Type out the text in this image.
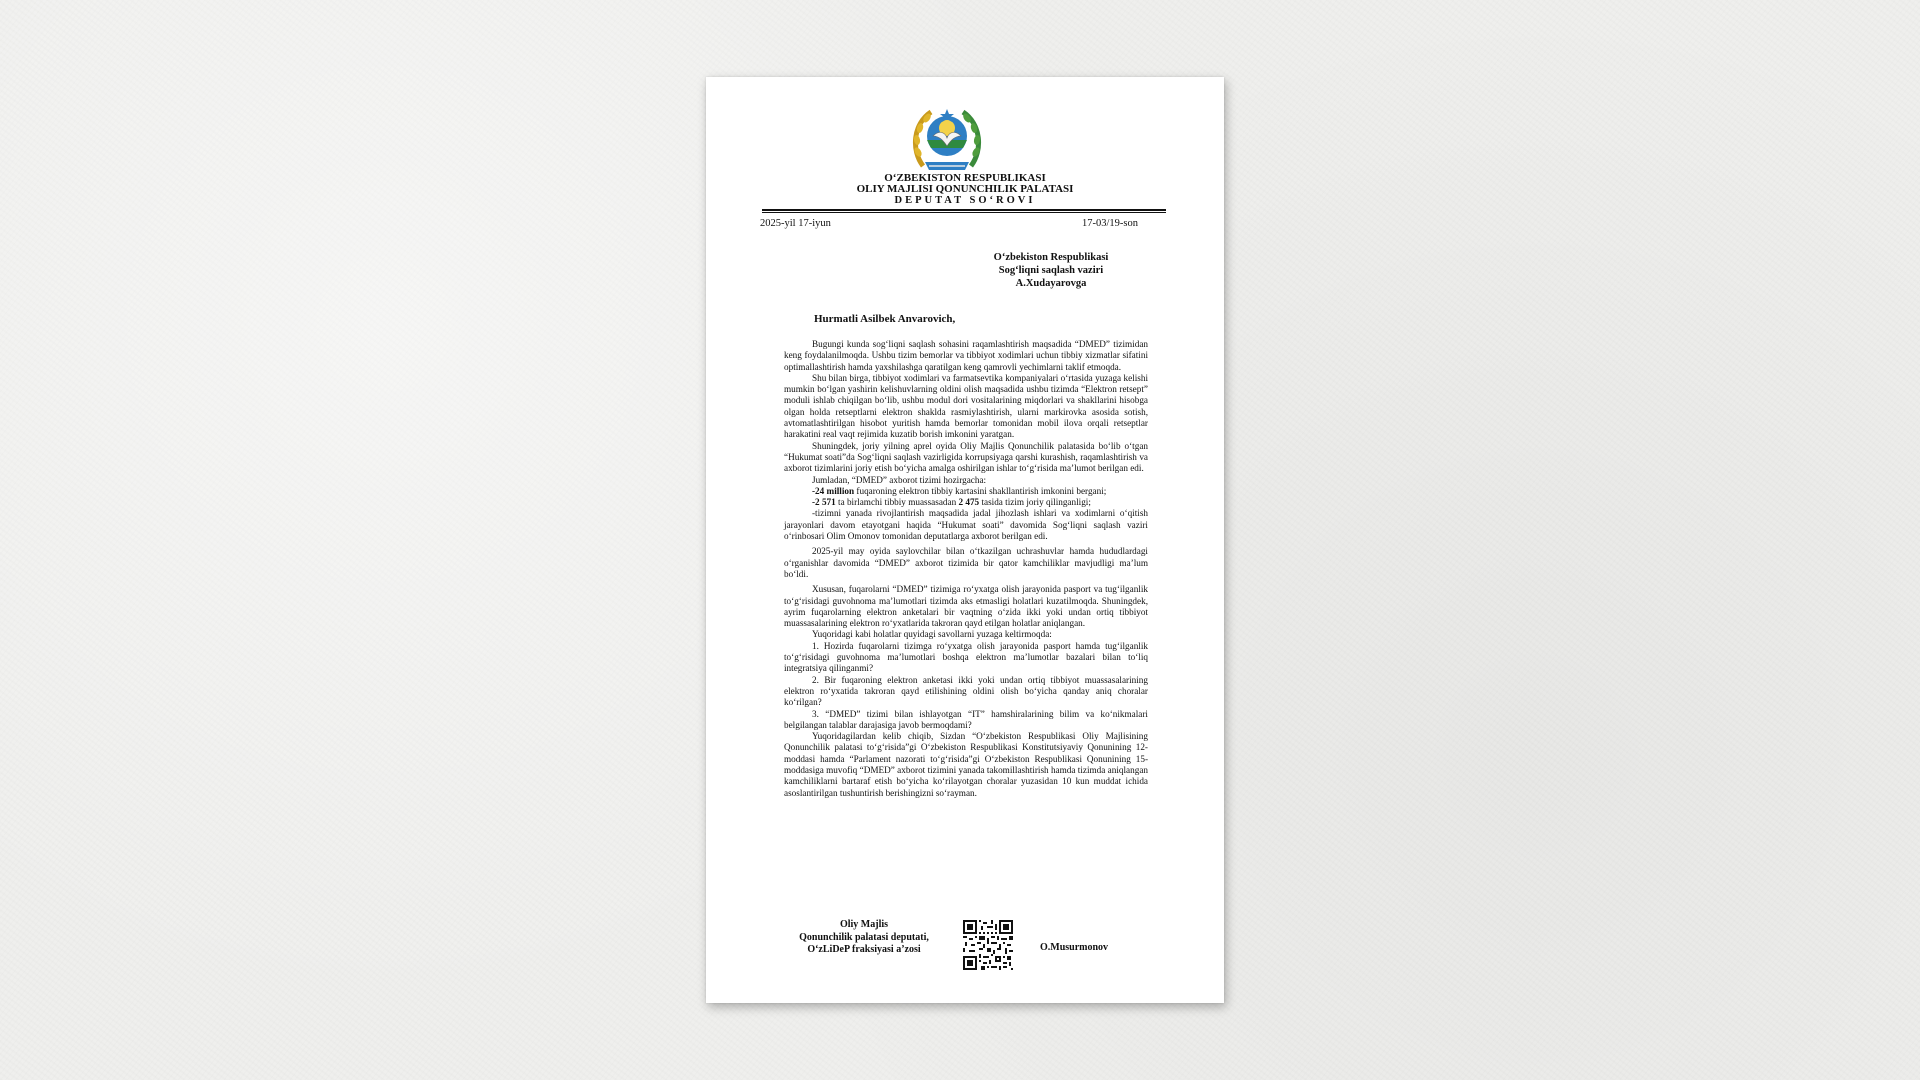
O‘ZBEKISTON RESPUBLIKASI
OLIY MAJLISI QONUNCHILIK PALATASI
DEPUTAT SO‘ROVI
2025-yil 17-iyun	17-03/19-son
O‘zbekiston Respublikasi
Sog‘liqni saqlash vaziri
A.Xudayarovga
Hurmatli Asilbek Anvarovich,

Bugungi kunda sog‘liqni saqlash sohasini raqamlashtirish maqsadida “DMED” tizimidan keng foydalanilmoqda. Ushbu tizim bemorlar va tibbiyot xodimlari uchun tibbiy xizmatlar sifatini optimallashtirish hamda yaxshilashga qaratilgan keng qamrovli yechimlarni taklif etmoqda.

Shu bilan birga, tibbiyot xodimlari va farmatsevtika kompaniyalari o‘rtasida yuzaga kelishi mumkin bo‘lgan yashirin kelishuvlarning oldini olish maqsadida ushbu tizimda “Elektron retsept” moduli ishlab chiqilgan bo‘lib, ushbu modul dori vositalarining miqdorlari va shakllarini hisobga olgan holda retseptlarni elektron shaklda rasmiylashtirish, ularni markirovka asosida sotish, avtomatlashtirilgan hisobot yuritish hamda bemorlar tomonidan mobil ilova orqali retseptlar harakatini real vaqt rejimida kuzatib borish imkonini yaratgan.

Shuningdek, joriy yilning aprel oyida Oliy Majlis Qonunchilik palatasida bo‘lib o‘tgan “Hukumat soati”da Sog‘liqni saqlash vazirligida korrupsiyaga qarshi kurashish, raqamlashtirish va axborot tizimlarini joriy etish bo‘yicha amalga oshirilgan ishlar to‘g‘risida ma’lumot berilgan edi.

Jumladan, “DMED” axborot tizimi hozirgacha:

-24 million fuqaroning elektron tibbiy kartasini shakllantirish imkonini bergani;

-2 571 ta birlamchi tibbiy muassasadan 2 475 tasida tizim joriy qilinganligi;

-tizimni yanada rivojlantirish maqsadida jadal jihozlash ishlari va xodimlarni o‘qitish jarayonlari davom etayotgani haqida “Hukumat soati” davomida Sog‘liqni saqlash vaziri o‘rinbosari Olim Omonov tomonidan deputatlarga axborot berilgan edi.

2025-yil may oyida saylovchilar bilan o‘tkazilgan uchrashuvlar hamda hududlardagi o‘rganishlar davomida “DMED” axborot tizimida bir qator kamchiliklar mavjudligi ma’lum bo‘ldi.

Xususan, fuqarolarni “DMED” tizimiga ro‘yxatga olish jarayonida pasport va tug‘ilganlik to‘g‘risidagi guvohnoma ma’lumotlari tizimda aks etmasligi holatlari kuzatilmoqda. Shuningdek, ayrim fuqarolarning elektron anketalari bir vaqtning o‘zida ikki yoki undan ortiq tibbiyot muassasalarining elektron ro‘yxatlarida takroran qayd etilgan holatlar aniqlangan.

Yuqoridagi kabi holatlar quyidagi savollarni yuzaga keltirmoqda:

1. Hozirda fuqarolarni tizimga ro‘yxatga olish jarayonida pasport hamda tug‘ilganlik to‘g‘risidagi guvohnoma ma’lumotlari boshqa elektron ma’lumotlar bazalari bilan to‘liq integratsiya qilinganmi?

2. Bir fuqaroning elektron anketasi ikki yoki undan ortiq tibbiyot muassasalarining elektron ro‘yxatida takroran qayd etilishining oldini olish bo‘yicha qanday aniq choralar ko‘rilgan?

3. “DMED” tizimi bilan ishlayotgan “IT” hamshiralarining bilim va ko‘nikmalari belgilangan talablar darajasiga javob bermoqdami?

Yuqoridagilardan kelib chiqib, Sizdan “O‘zbekiston Respublikasi Oliy Majlisining Qonunchilik palatasi to‘g‘risida”gi O‘zbekiston Respublikasi Konstitutsiyaviy Qonunining 12-moddasi hamda “Parlament nazorati to‘g‘risida”gi O‘zbekiston Respublikasi Qonunining 15-moddasiga muvofiq “DMED” axborot tizimini yanada takomillashtirish hamda tizimda aniqlangan kamchiliklarni bartaraf etish bo‘yicha ko‘rilayotgan choralar yuzasidan 10 kun muddat ichida asoslantirilgan tushuntirish berishingizni so‘rayman.

Oliy Majlis
Qonunchilik palatasi deputati,
O‘zLiDeP fraksiyasi a’zosi	O.Musurmonov
